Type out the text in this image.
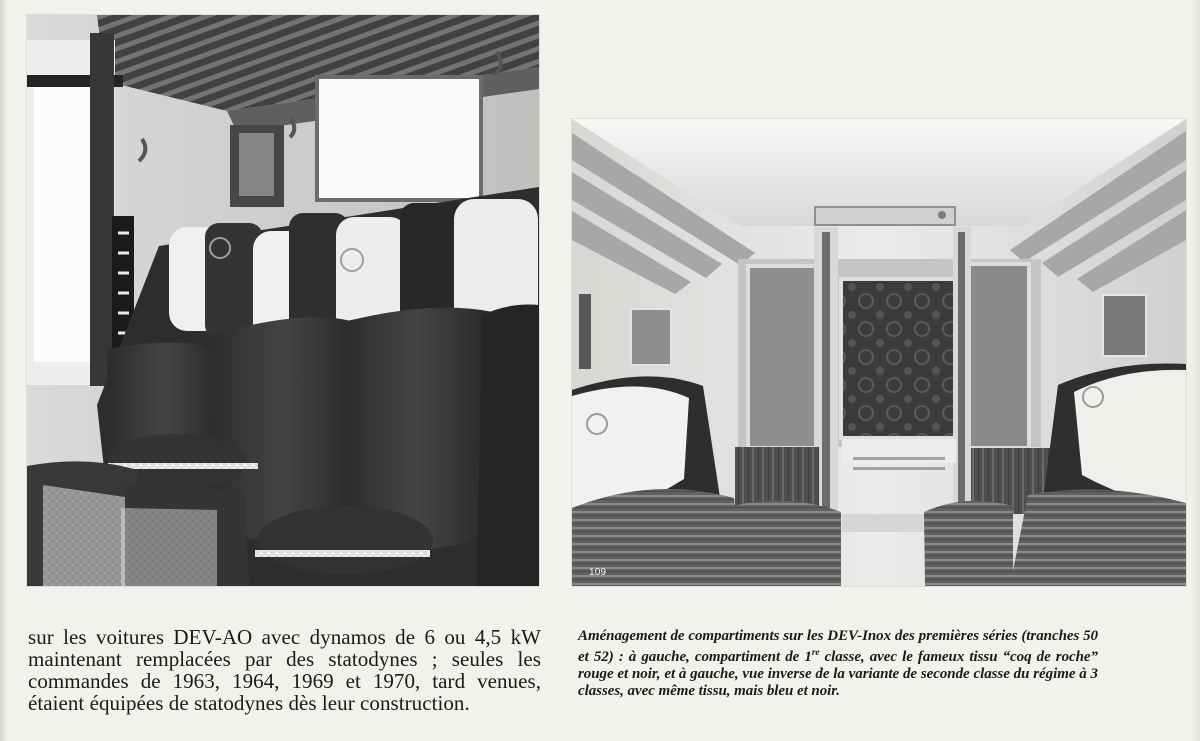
109
sur les voitures DEV-AO avec dynamos de 6 ou 4,5 kW maintenant remplacées par des statodynes ; seules les commandes de 1963, 1964, 1969 et 1970, tard venues, étaient équipées de statodynes dès leur construction.
Aménagement de compartiments sur les DEV-Inox des premières séries (tranches 50 et 52) : à gauche, compartiment de 1re classe, avec le fameux tissu “coq de roche” rouge et noir, et à gauche, vue inverse de la variante de seconde classe du régime à 3 classes, avec même tissu, mais bleu et noir.
